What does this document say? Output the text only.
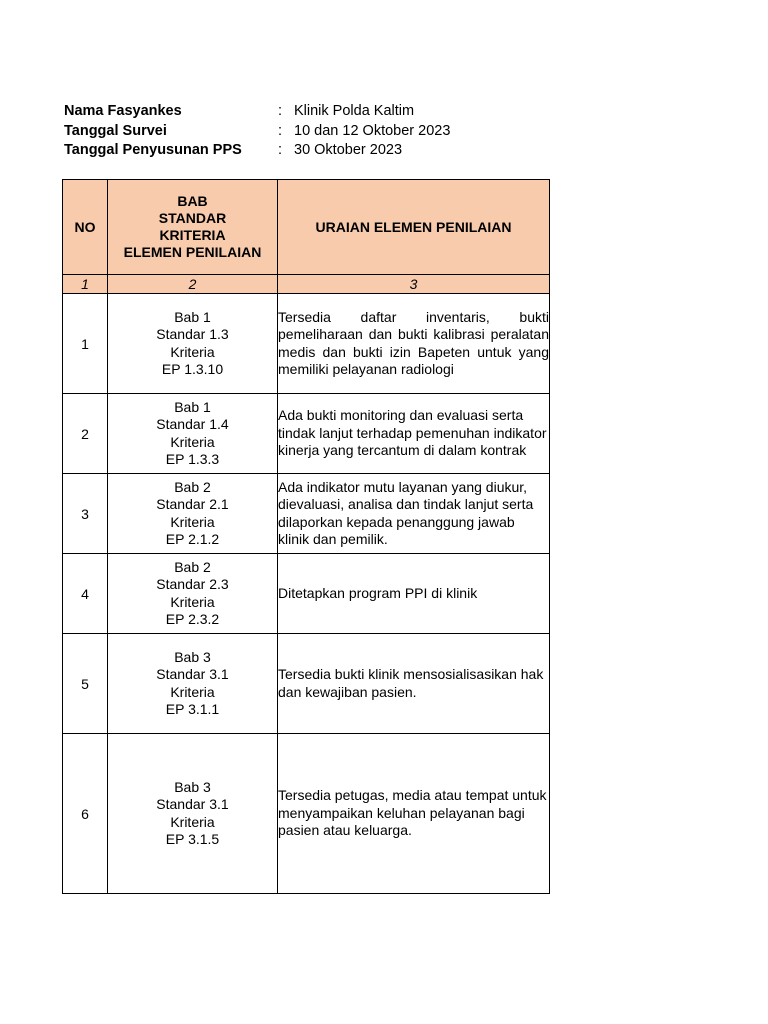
Nama Fasyankes	: Klinik Polda Kaltim
Tanggal Survei	: 10 dan 12 Oktober 2023
Tanggal Penyusunan PPS	: 30 Oktober 2023
NO	BAB
STANDAR
KRITERIA
ELEMEN PENILAIAN	URAIAN ELEMEN PENILAIAN
1	2	3
1	Bab 1
Standar 1.3
Kriteria
EP 1.3.10	Tersedia daftar inventaris, bukti pemeliharaan dan bukti kalibrasi peralatan medis dan bukti izin Bapeten untuk yang memiliki pelayanan radiologi
2	Bab 1
Standar 1.4
Kriteria
EP 1.3.3	Ada bukti monitoring dan evaluasi serta tindak lanjut terhadap pemenuhan indikator kinerja yang tercantum di dalam kontrak
3	Bab 2
Standar 2.1
Kriteria
EP 2.1.2	Ada indikator mutu layanan yang diukur, dievaluasi, analisa dan tindak lanjut serta dilaporkan kepada penanggung jawab klinik dan pemilik.
4	Bab 2
Standar 2.3
Kriteria
EP 2.3.2	Ditetapkan program PPI di klinik
5	Bab 3
Standar 3.1
Kriteria
EP 3.1.1	Tersedia bukti klinik mensosialisasikan hak dan kewajiban pasien.
6	Bab 3
Standar 3.1
Kriteria
EP 3.1.5	Tersedia petugas, media atau tempat untuk menyampaikan keluhan pelayanan bagi pasien atau keluarga.
